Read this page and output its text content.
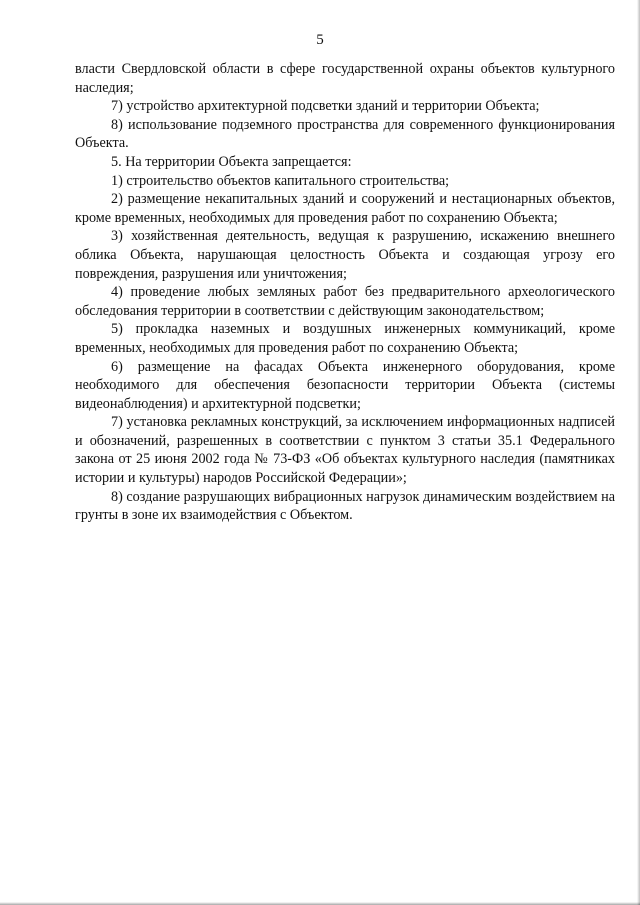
5

власти Свердловской области в сфере государственной охраны объектов культурного наследия;

7) устройство архитектурной подсветки зданий и территории Объекта;

8) использование подземного пространства для современного функционирования Объекта.

5. На территории Объекта запрещается:

1) строительство объектов капитального строительства;

2) размещение некапитальных зданий и сооружений и нестационарных объектов, кроме временных, необходимых для проведения работ по сохранению Объекта;

3) хозяйственная деятельность, ведущая к разрушению, искажению внешнего облика Объекта, нарушающая целостность Объекта и создающая угрозу его повреждения, разрушения или уничтожения;

4) проведение любых земляных работ без предварительного археологического обследования территории в соответствии с действующим законодательством;

5) прокладка наземных и воздушных инженерных коммуникаций, кроме временных, необходимых для проведения работ по сохранению Объекта;

6) размещение на фасадах Объекта инженерного оборудования, кроме необходимого для обеспечения безопасности территории Объекта (системы видеонаблюдения) и архитектурной подсветки;

7) установка рекламных конструкций, за исключением информационных надписей и обозначений, разрешенных в соответствии с пунктом 3 статьи 35.1 Федерального закона от 25 июня 2002 года № 73-ФЗ «Об объектах культурного наследия (памятниках истории и культуры) народов Российской Федерации»;

8) создание разрушающих вибрационных нагрузок динамическим воздействием на грунты в зоне их взаимодействия с Объектом.
